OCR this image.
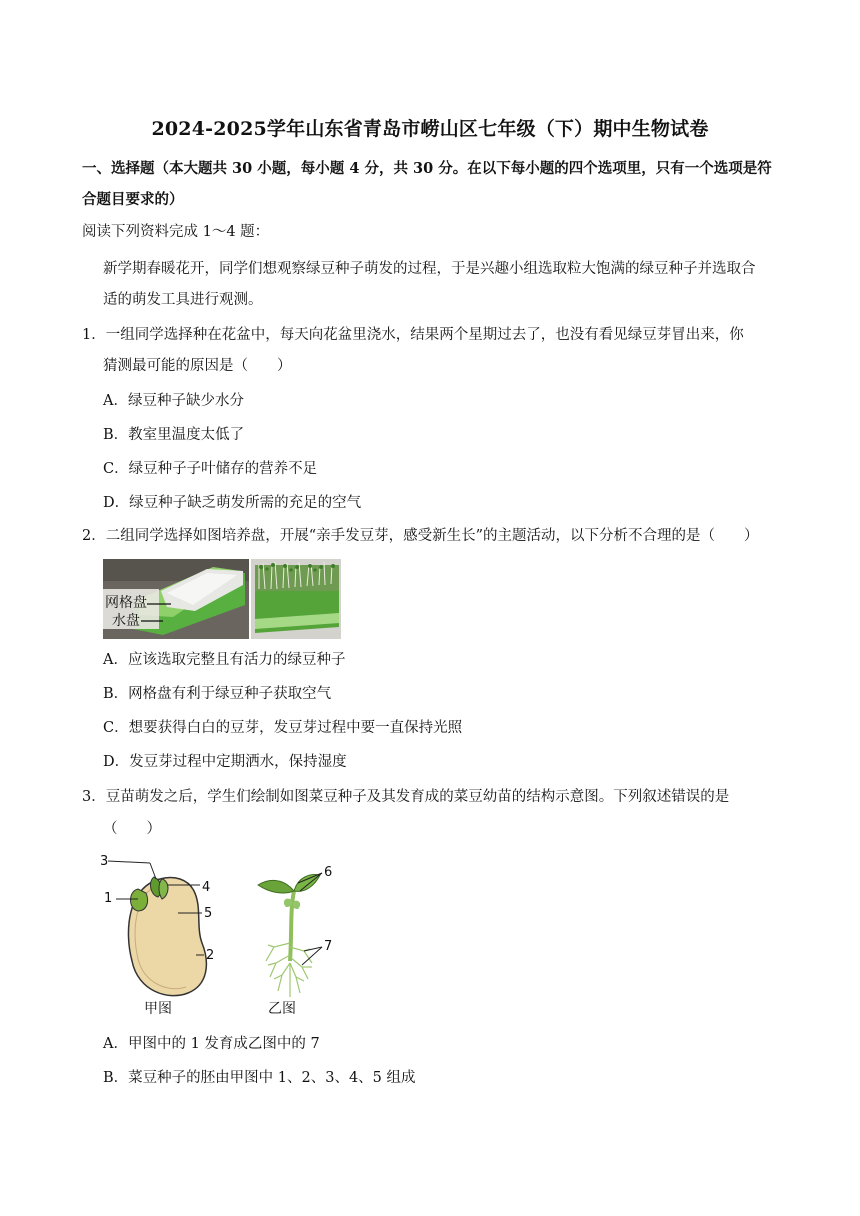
2024-2025学年山东省青岛市崂山区七年级（下）期中生物试卷
一、选择题（本大题共 30 小题，每小题 4 分，共 30 分。在以下每小题的四个选项里，只有一个选项是符
合题目要求的）
阅读下列资料完成 1～4 题：
新学期春暖花开，同学们想观察绿豆种子萌发的过程，于是兴趣小组选取粒大饱满的绿豆种子并选取合
适的萌发工具进行观测。
1．一组同学选择种在花盆中，每天向花盆里浇水，结果两个星期过去了，也没有看见绿豆芽冒出来，你
猜测最可能的原因是（　　）
A．绿豆种子缺少水分
B．教室里温度太低了
C．绿豆种子子叶储存的营养不足
D．绿豆种子缺乏萌发所需的充足的空气
2．二组同学选择如图培养盘，开展“亲手发豆芽，感受新生长”的主题活动，以下分析不合理的是（　　）
网格盘
水盘
A．应该选取完整且有活力的绿豆种子
B．网格盘有利于绿豆种子获取空气
C．想要获得白白的豆芽，发豆芽过程中要一直保持光照
D．发豆芽过程中定期洒水，保持湿度
3．豆苗萌发之后，学生们绘制如图菜豆种子及其发育成的菜豆幼苗的结构示意图。下列叙述错误的是
（　　）
3
4
1
5
2
6
7
甲图	乙图
A．甲图中的 1 发育成乙图中的 7
B．菜豆种子的胚由甲图中 1、2、3、4、5 组成
